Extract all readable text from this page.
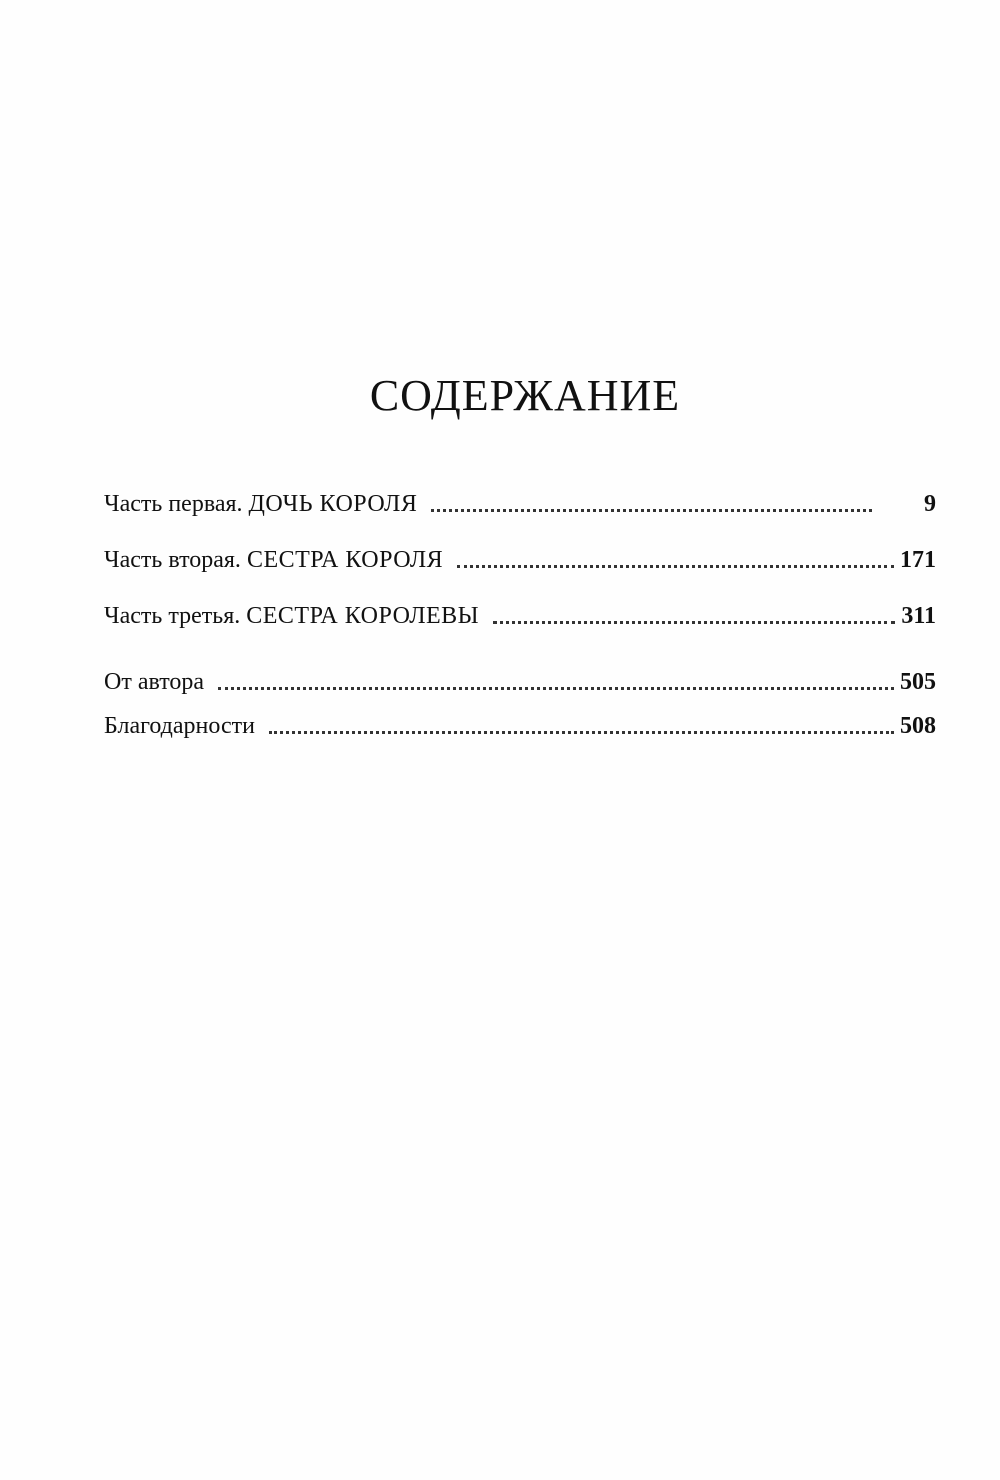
СОДЕРЖАНИЕ
Часть первая. ДОЧЬ КОРОЛЯ	9
Часть вторая. СЕСТРА КОРОЛЯ	171
Часть третья. СЕСТРА КОРОЛЕВЫ	311
От автора	505
Благодарности	508
